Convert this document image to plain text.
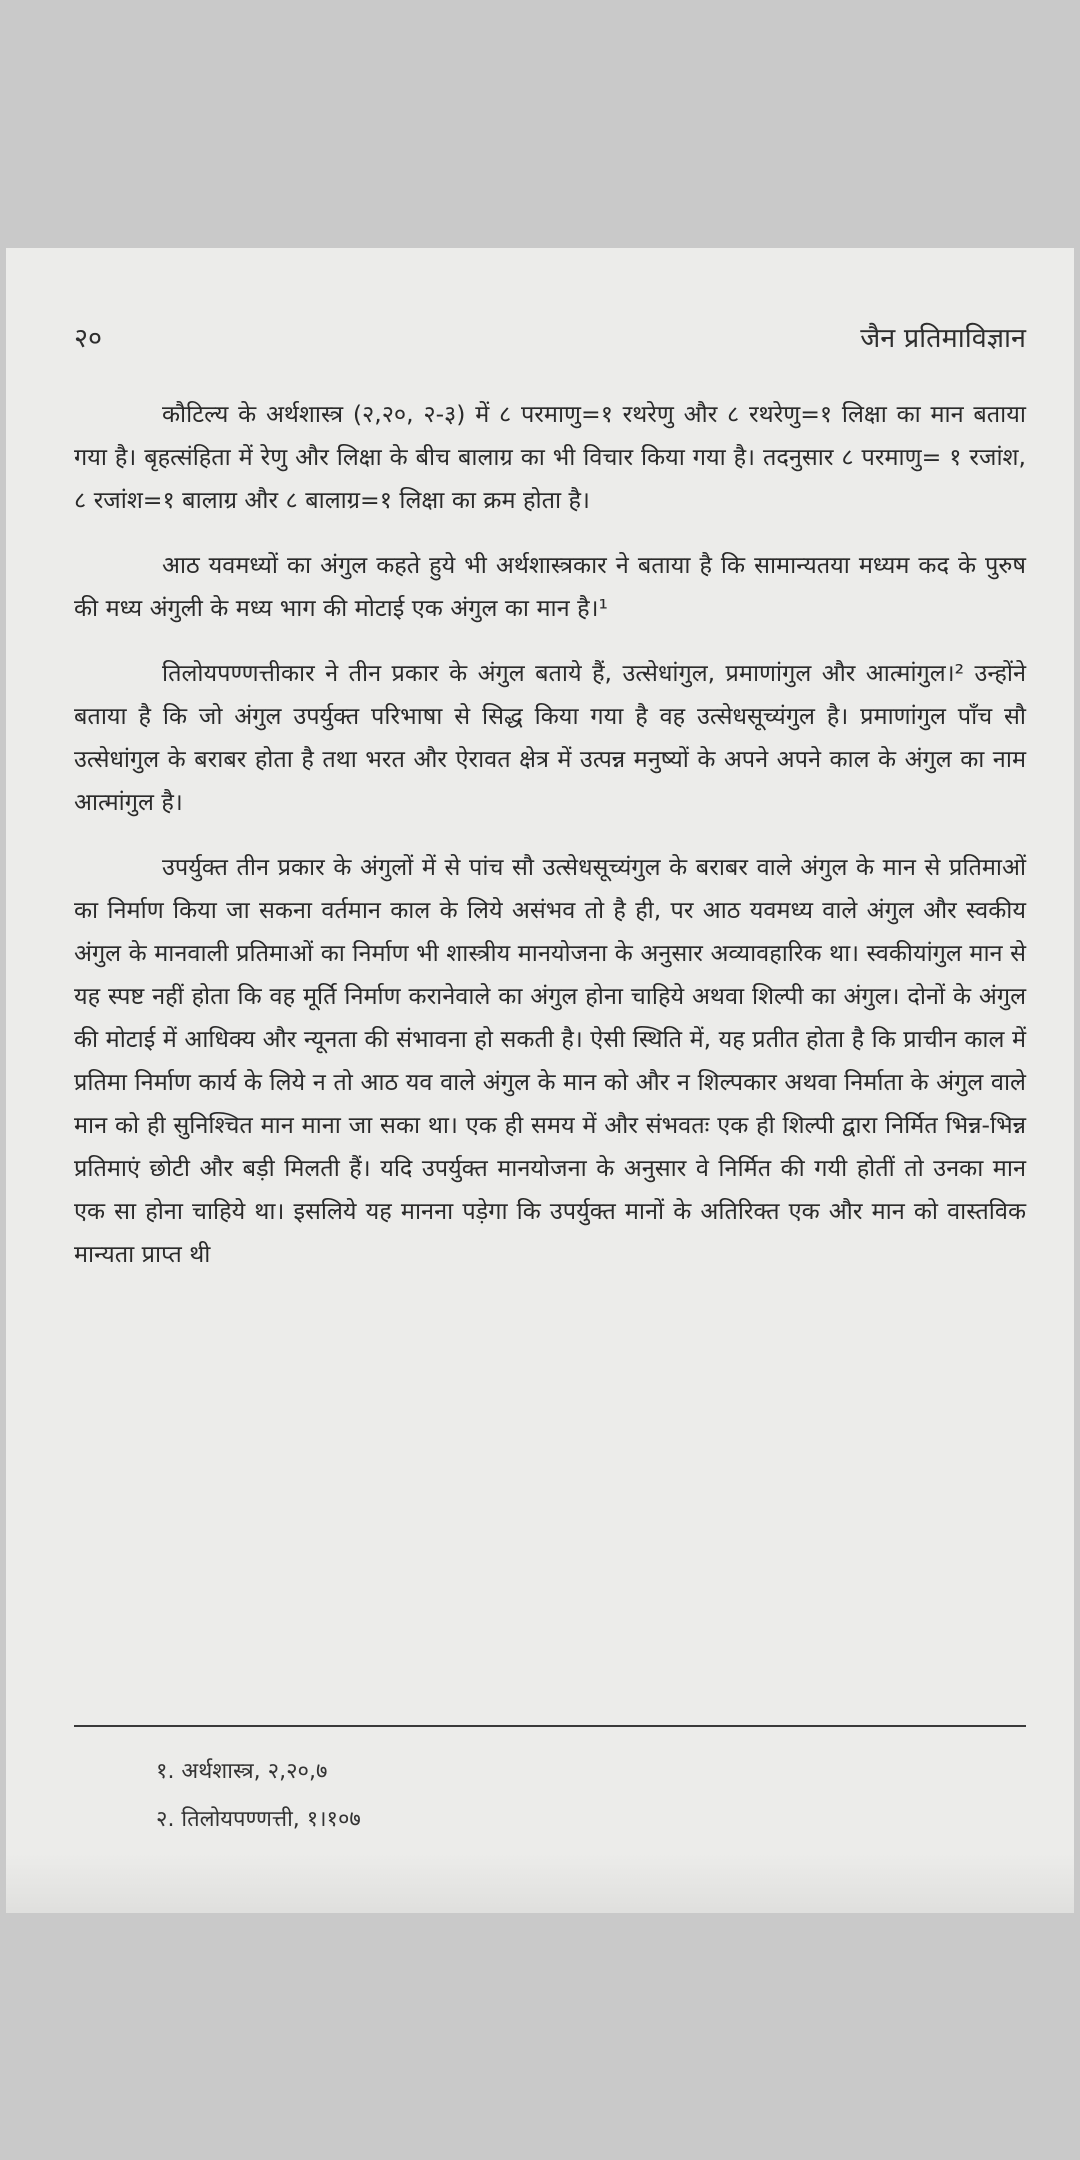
२०	जैन प्रतिमाविज्ञान

कौटिल्य के अर्थशास्त्र (२,२०, २-३) में ८ परमाणु=१ रथरेणु और ८ रथरेणु=१ लिक्षा का मान बताया गया है। बृहत्संहिता में रेणु और लिक्षा के बीच बालाग्र का भी विचार किया गया है। तदनुसार ८ परमाणु= १ रजांश, ८ रजांश=१ बालाग्र और ८ बालाग्र=१ लिक्षा का क्रम होता है।

आठ यवमध्यों का अंगुल कहते हुये भी अर्थशास्त्रकार ने बताया है कि सामान्यतया मध्यम कद के पुरुष की मध्य अंगुली के मध्य भाग की मोटाई एक अंगुल का मान है।¹

तिलोयपण्णत्तीकार ने तीन प्रकार के अंगुल बताये हैं, उत्सेधांगुल, प्रमाणांगुल और आत्मांगुल।² उन्होंने बताया है कि जो अंगुल उपर्युक्त परिभाषा से सिद्ध किया गया है वह उत्सेधसूच्यंगुल है। प्रमाणांगुल पाँच सौ उत्सेधांगुल के बराबर होता है तथा भरत और ऐरावत क्षेत्र में उत्पन्न मनुष्यों के अपने अपने काल के अंगुल का नाम आत्मांगुल है।

उपर्युक्त तीन प्रकार के अंगुलों में से पांच सौ उत्सेधसूच्यंगुल के बराबर वाले अंगुल के मान से प्रतिमाओं का निर्माण किया जा सकना वर्तमान काल के लिये असंभव तो है ही, पर आठ यवमध्य वाले अंगुल और स्वकीय अंगुल के मानवाली प्रतिमाओं का निर्माण भी शास्त्रीय मानयोजना के अनुसार अव्यावहारिक था। स्वकीयांगुल मान से यह स्पष्ट नहीं होता कि वह मूर्ति निर्माण करानेवाले का अंगुल होना चाहिये अथवा शिल्पी का अंगुल। दोनों के अंगुल की मोटाई में आधिक्य और न्यूनता की संभावना हो सकती है। ऐसी स्थिति में, यह प्रतीत होता है कि प्राचीन काल में प्रतिमा निर्माण कार्य के लिये न तो आठ यव वाले अंगुल के मान को और न शिल्पकार अथवा निर्माता के अंगुल वाले मान को ही सुनिश्चित मान माना जा सका था। एक ही समय में और संभवतः एक ही शिल्पी द्वारा निर्मित भिन्न-भिन्न प्रतिमाएं छोटी और बड़ी मिलती हैं। यदि उपर्युक्त मानयोजना के अनुसार वे निर्मित की गयी होतीं तो उनका मान एक सा होना चाहिये था। इसलिये यह मानना पड़ेगा कि उपर्युक्त मानों के अतिरिक्त एक और मान को वास्तविक मान्यता प्राप्त थी

१. अर्थशास्त्र, २,२०,७

२. तिलोयपण्णत्ती, १।१०७
